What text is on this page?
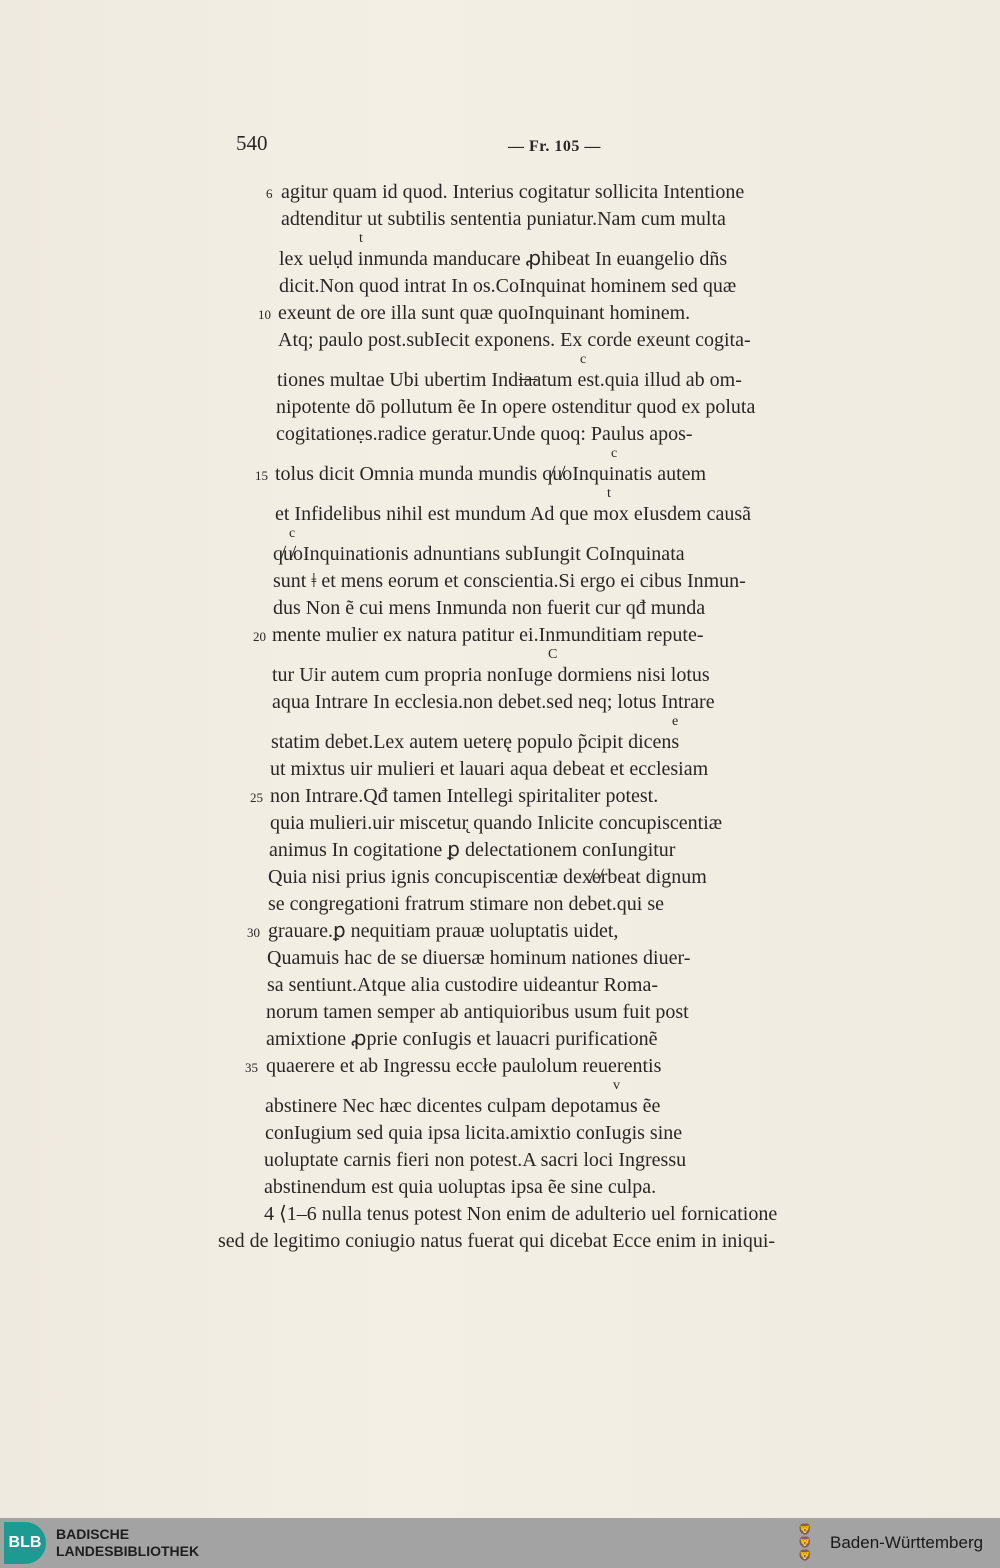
540	— Fr. 105 —
agitur quam id quod. Interius cogitatur sollicita Intentione
6
adtenditur ut subtilis sententia puniatur.Nam cum multa
lex uelụd inmunda manducare ꝓhibeat In euangelio dñs
dicit.Non quod intrat In os.CoInquinat hominem sed quæ
exeunt de ore illa sunt quæ quoInquinant hominem.
10
Atq; paulo post.subIecit exponens. Ex corde exeunt cogita-
tiones multae Ubi ubertim Indi̶a̶atum est.quia illud ab om-
nipotente dō pollutum ẽe In opere ostenditur quod ex poluta
cogitationẹs.radice geratur.Unde quoq: Paulus apos-
tolus dicit Omnia munda mundis q̸u̸oInquinatis autem
15
et Infidelibus nihil est mundum Ad que mox eIusdem causã
q̸u̸oInquinationis adnuntians subIungit CoInquinata
sunt ǂ et mens eorum et conscientia.Si ergo ei cibus Inmun-
dus Non ẽ cui mens Inmunda non fuerit cur qđ munda
mente mulier ex natura patitur ei.Inmunditiam repute-
20
tur Uir autem cum propria nonIuge dormiens nisi lotus
aqua Intrare In ecclesia.non debet.sed neq; lotus Intrare
statim debet.Lex autem ueterę populo p̃cipit dicens
ut mixtus uir mulieri et lauari aqua debeat et ecclesiam
non Intrare.Qđ tamen Intellegi spiritaliter potest.
25
quia mulieri.uir miscetur̨ quando Inlicite concupiscentiæ
animus In cogitatione ꝑ delectationem conIungitur
Quia nisi prius ignis concupiscentiæ dex̸e̸rbeat dignum
se congregationi fratrum stimare non debet.qui se
grauare.ꝑ nequitiam prauæ uoluptatis uidet,
30
Quamuis hac de se diuersæ hominum nationes diuer-
sa sentiunt.Atque alia custodire uideantur Roma-
norum tamen semper ab antiquioribus usum fuit post
amixtione ꝓprie conIugis et lauacri purificationẽ
quaerere et ab Ingressu eccłe paulolum reuerentis
35
abstinere Nec hæc dicentes culpam depotamus ẽe
conIugium sed quia ipsa licita.amixtio conIugis sine
uoluptate carnis fieri non potest.A sacri loci Ingressu
abstinendum est quia uoluptas ipsa ẽe sine culpa.
4 ⟨1–6 nulla tenus potest Non enim de adulterio uel fornicatione
sed de legitimo coniugio natus fuerat qui dicebat Ecce enim in iniqui-
t
c
c
t
c
C
e
v
BLB	BADISCHE
LANDESBIBLIOTHEK
🦁
🦁
🦁
Baden-Württemberg
